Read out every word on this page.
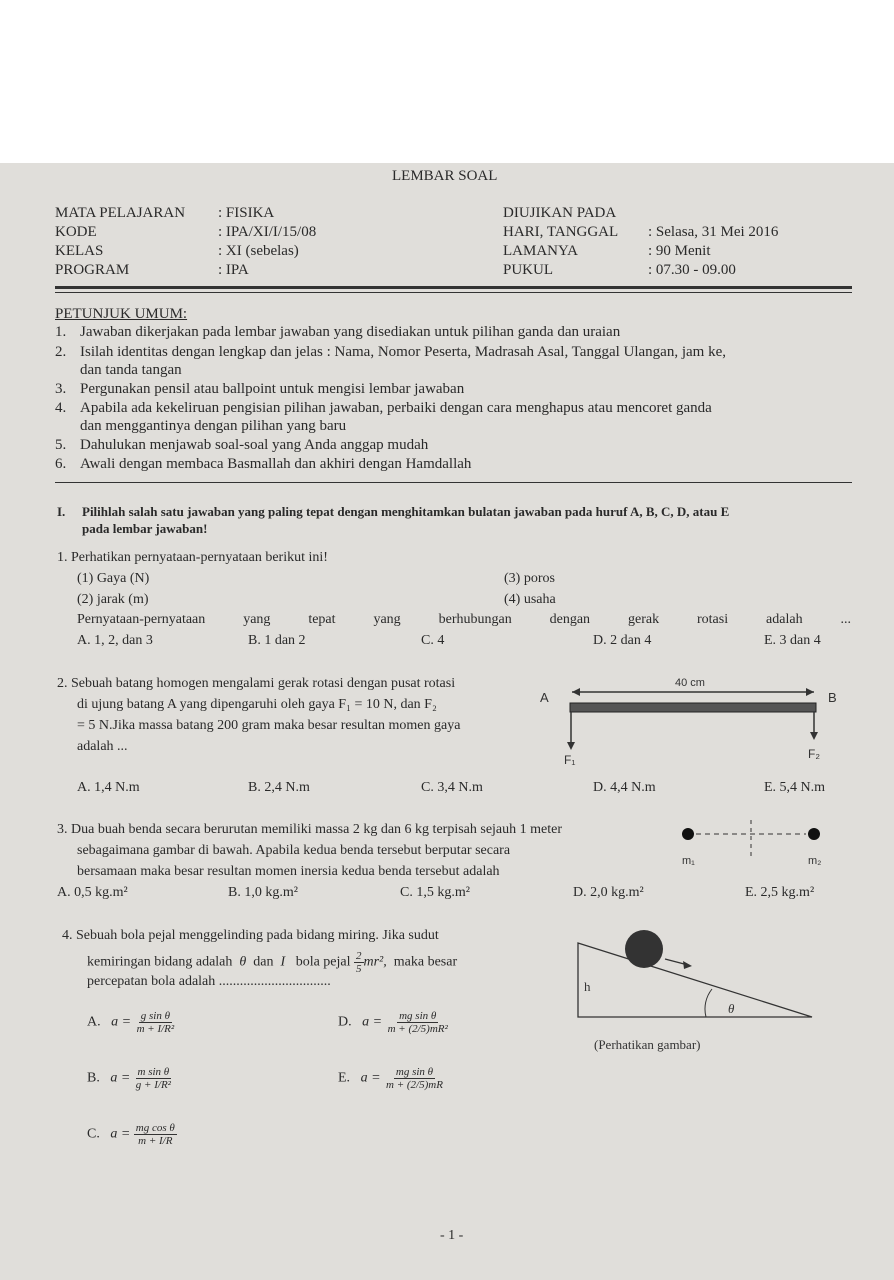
LEMBAR SOAL
MATA PELAJARAN : FISIKA
KODE	: IPA/XI/I/15/08
KELAS	: XI (sebelas)
PROGRAM	: IPA
DIUJIKAN PADA
HARI, TANGGAL : Selasa, 31 Mei 2016
LAMANYA	: 90 Menit
PUKUL	: 07.30 - 09.00
PETUNJUK UMUM:
1. Jawaban dikerjakan pada lembar jawaban yang disediakan untuk pilihan ganda dan uraian
2. Isilah identitas dengan lengkap dan jelas : Nama, Nomor Peserta, Madrasah Asal, Tanggal Ulangan, jam ke,
dan tanda tangan
3. Pergunakan pensil atau ballpoint untuk mengisi lembar jawaban
4. Apabila ada kekeliruan pengisian pilihan jawaban, perbaiki dengan cara menghapus atau mencoret ganda
dan menggantinya dengan pilihan yang baru
5. Dahulukan menjawab soal-soal yang Anda anggap mudah
6. Awali dengan membaca Basmallah dan akhiri dengan Hamdallah
I. Pilihlah salah satu jawaban yang paling tepat dengan menghitamkan bulatan jawaban pada huruf A, B, C, D, atau E
pada lembar jawaban!
1. Perhatikan pernyataan-pernyataan berikut ini!
(1) Gaya (N)	(3) poros
(2) jarak (m)	(4) usaha
Pernyataan-pernyataan	yang	tepat	yang	berhubungan	dengan	gerak	rotasi	adalah	...
A. 1, 2, dan 3	B. 1 dan 2	C. 4	D. 2 dan 4	E. 3 dan 4
2. Sebuah batang homogen mengalami gerak rotasi dengan pusat rotasi
di ujung batang A yang dipengaruhi oleh gaya F₁ = 10 N, dan F₂
= 5 N.Jika massa batang 200 gram maka besar resultan momen gaya
adalah ...
40 cm
A	B
F₁	F₂
A. 1,4 N.m	B. 2,4 N.m	C. 3,4 N.m	D. 4,4 N.m	E. 5,4 N.m
3. Dua buah benda secara berurutan memiliki massa 2 kg dan 6 kg terpisah sejauh 1 meter
sebagaimana gambar di bawah. Apabila kedua benda tersebut berputar secara
bersamaan maka besar resultan momen inersia kedua benda tersebut adalah
m₁	m₂
A. 0,5 kg.m²	B. 1,0 kg.m²	C. 1,5 kg.m²	D. 2,0 kg.m²	E. 2,5 kg.m²
4. Sebuah bola pejal menggelinding pada bidang miring. Jika sudut
kemiringan bidang adalah θ dan I bola pejal $\frac{2}{5} mr^2$, maka besar
percepatan bola adalah ................................	h
θ
(Perhatikan gambar)
A. $a = \frac{\text{g sin θ}}{\text{m + I/R²}}$	D. $a = \frac{\text{mg sin θ}}{\text{m + (2/5)mR²}}$
B. $a = \frac{\text{m sin θ}}{\text{g + I/R²}}$	E. $a = \frac{\text{mg sin θ}}{m + (2/5)mR}$
C. $a = \frac{\text{mg cos θ}}{m + I/R}$
- 1 -
